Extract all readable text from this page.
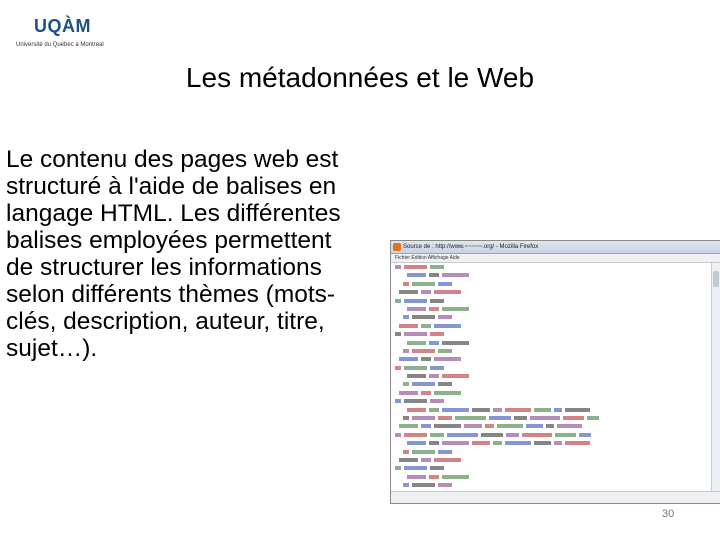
UQÀM
Université du Québec à Montréal
Les métadonnées et le Web
Le contenu des pages web est structuré à l'aide de balises en langage HTML. Les différentes balises employées permettent de structurer les informations selon différents thèmes (mots-clés, description, auteur, titre, sujet…).
Source de : http://www.~~~~~.org/ - Mozilla Firefox
Fichier Édition Affichage Aide
30
